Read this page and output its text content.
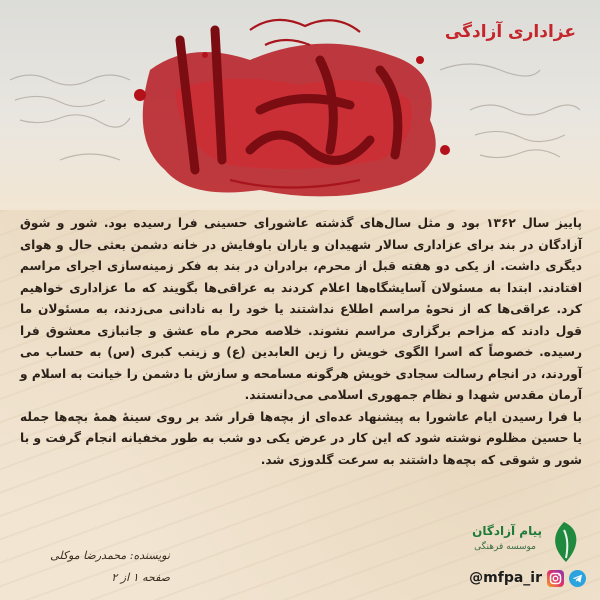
عزاداری آزادگی

پاییز سال ۱۳۶۲ بود و مثل سال‌های گذشته عاشورای حسینی فرا رسیده بود. شور و شوق آزادگان در بند برای عزاداری سالار شهیدان و یاران باوفایش در خانه دشمن بعثی حال و هوای دیگری داشت. از یکی دو هفته قبل از محرم، برادران در بند به فکر زمینه‌سازی اجرای مراسم افتادند. ابتدا به مسئولان آسایشگاه‌ها اعلام کردند به عراقی‌ها بگویند که ما عزاداری خواهیم کرد. عراقی‌ها که از نحوهٔ مراسم اطلاع نداشتند یا خود را به نادانی می‌زدند، به مسئولان ما قول دادند که مزاحم برگزاری مراسم نشوند. خلاصه محرم ماه عشق و جانبازی معشوق فرا رسیده. خصوصاً که اسرا الگوی خویش را زین العابدین (ع) و زینب کبری (س) به حساب می آوردند، در انجام رسالت سجادی خویش هرگونه مسامحه و سازش با دشمن را خیانت به اسلام و آرمان مقدس شهدا و نظام جمهوری اسلامی می‌دانستند.

با فرا رسیدن ایام عاشورا به پیشنهاد عده‌ای از بچه‌ها قرار شد بر روی سینهٔ همهٔ بچه‌ها جمله یا حسین مظلوم نوشته شود که این کار در عرض یکی دو شب به طور مخفیانه انجام گرفت و با شور و شوقی که بچه‌ها داشتند به سرعت گلدوزی شد.

نویسنده: محمدرضا موکلی
صفحه ۱ از ۲
پیام آزادگان
موسسه فرهنگی
@mfpa_ir
